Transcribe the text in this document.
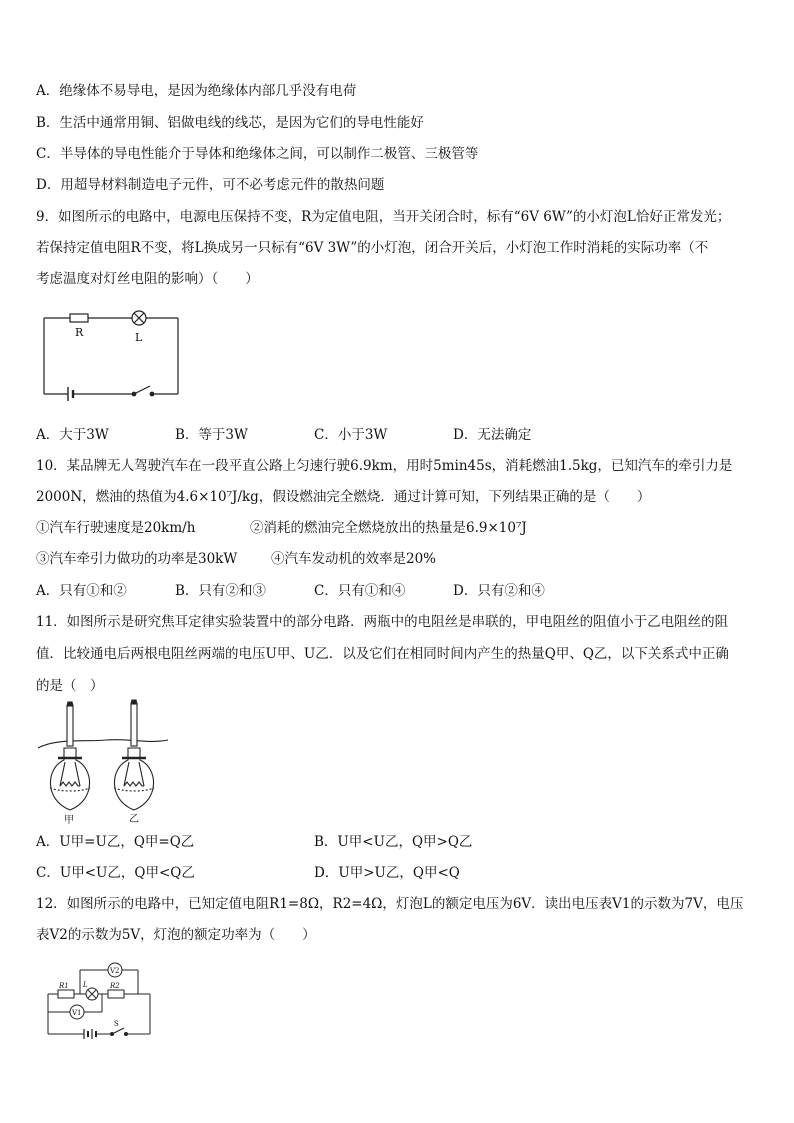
A．绝缘体不易导电，是因为绝缘体内部几乎没有电荷
B．生活中通常用铜、铝做电线的线芯，是因为它们的导电性能好
C．半导体的导电性能介于导体和绝缘体之间，可以制作二极管、三极管等
D．用超导材料制造电子元件，可不必考虑元件的散热问题
9．如图所示的电路中，电源电压保持不变，R为定值电阻，当开关闭合时，标有“6V 6W”的小灯泡L恰好正常发光；
若保持定值电阻R不变，将L换成另一只标有“6V 3W”的小灯泡，闭合开关后，小灯泡工作时消耗的实际功率（不
考虑温度对灯丝电阻的影响）（　　）
R	L
A．大于3W	B．等于3W	C．小于3W	D．无法确定
10．某品牌无人驾驶汽车在一段平直公路上匀速行驶6.9km，用时5min45s，消耗燃油1.5kg，已知汽车的牵引力是
2000N，燃油的热值为4.6×10⁷J/kg，假设燃油完全燃烧．通过计算可知，下列结果正确的是（　　）
①汽车行驶速度是20km/h	②消耗的燃油完全燃烧放出的热量是6.9×10⁷J
③汽车牵引力做功的功率是30kW	④汽车发动机的效率是20%
A．只有①和②	B．只有②和③	C．只有①和④	D．只有②和④
11．如图所示是研究焦耳定律实验装置中的部分电路．两瓶中的电阻丝是串联的，甲电阻丝的阻值小于乙电阻丝的阻
值．比较通电后两根电阻丝两端的电压U甲、U乙．以及它们在相同时间内产生的热量Q甲、Q乙，以下关系式中正确
的是（　）
甲	乙
A．U甲=U乙，Q甲=Q乙	B．U甲<U乙，Q甲>Q乙
C．U甲<U乙，Q甲<Q乙	D．U甲>U乙，Q甲<Q
12．如图所示的电路中，已知定值电阻R1=8Ω，R2=4Ω，灯泡L的额定电压为6V．读出电压表V1的示数为7V，电压
表V2的示数为5V，灯泡的额定功率为（　　）
V2
R1 L	R2
V1
S
